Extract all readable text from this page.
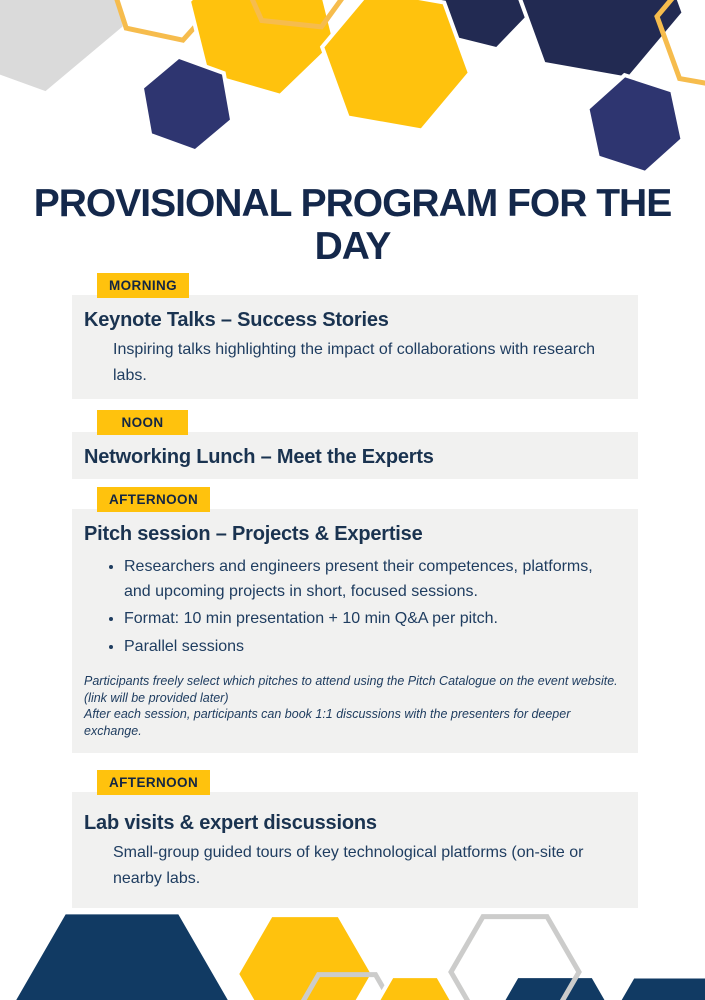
PROVISIONAL PROGRAM FOR THE DAY
MORNING
Keynote Talks – Success Stories

Inspiring talks highlighting the impact of collaborations with research labs.

NOON
Networking Lunch – Meet the Experts
AFTERNOON
Pitch session – Projects & Expertise
• Researchers and engineers present their competences, platforms, and upcoming projects in short, focused sessions.
• Format: 10 min presentation + 10 min Q&A per pitch.
• Parallel sessions

Participants freely select which pitches to attend using the Pitch Catalogue on the event website. (link will be provided later)

After each session, participants can book 1:1 discussions with the presenters for deeper exchange.

AFTERNOON
Lab visits & expert discussions

Small-group guided tours of key technological platforms (on-site or nearby labs.
